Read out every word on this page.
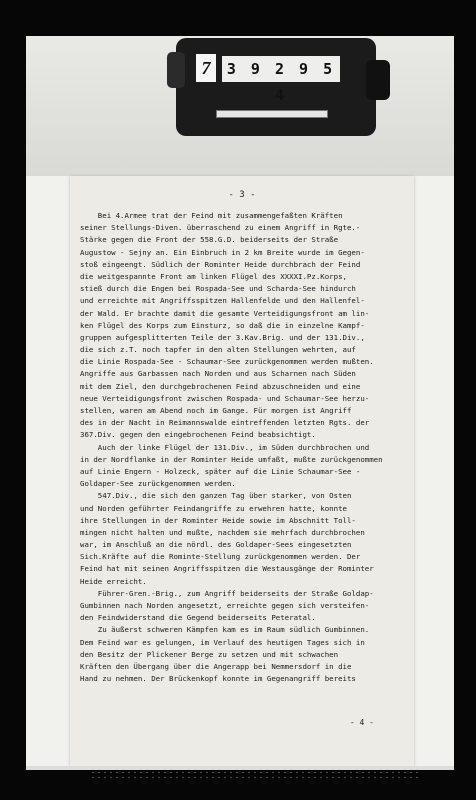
7	3 9 2 9 5 4
- 3 -
Bei 4.Armee trat der Feind mit zusammengefaßten Kräften
seiner Stellungs-Diven. überraschend zu einem Angriff in Rgte.-
Stärke gegen die Front der 558.G.D. beiderseits der Straße
Augustow - Sejny an. Ein Einbruch in 2 km Breite wurde im Gegen-
stoß eingeengt. Südlich der Rominter Heide durchbrach der Feind
die weitgespannte Front am linken Flügel des XXXXI.Pz.Korps,
stieß durch die Engen bei Rospada-See und Scharda-See hindurch
und erreichte mit Angriffsspitzen Hallenfelde und den Hallenfel-
der Wald. Er brachte damit die gesamte Verteidigungsfront am lin-
ken Flügel des Korps zum Einsturz, so daß die in einzelne Kampf-
gruppen aufgesplitterten Teile der 3.Kav.Brig. und der 131.Div.,
die sich z.T. noch tapfer in den alten Stellungen wehrten, auf
die Linie Rospada-See - Schaumar-See zurückgenommen werden mußten.
Angriffe aus Garbassen nach Norden und aus Scharnen nach Süden
mit dem Ziel, den durchgebrochenen Feind abzuschneiden und eine
neue Verteidigungsfront zwischen Rospada- und Schaumar-See herzu-
stellen, waren am Abend noch im Gange. Für morgen ist Angriff
des in der Nacht in Reimannswalde eintreffenden letzten Rgts. der
367.Div. gegen den eingebrochenen Feind beabsichtigt.
Auch der linke Flügel der 131.Div., im Süden durchbrochen und
in der Nordflanke in der Rominter Heide umfaßt, mußte zurückgenommen
auf Linie Engern - Holzeck, später auf die Linie Schaumar-See -
Goldaper-See zurückgenommen werden.
547.Div., die sich den ganzen Tag über starker, von Osten
und Norden geführter Feindangriffe zu erwehren hatte, konnte
ihre Stellungen in der Rominter Heide sowie im Abschnitt Toll-
mingen nicht halten und mußte, nachdem sie mehrfach durchbrochen
war, im Anschluß an die nördl. des Goldaper-Sees eingesetzten
Sich.Kräfte auf die Rominte-Stellung zurückgenommen werden. Der
Feind hat mit seinen Angriffsspitzen die Westausgänge der Rominter
Heide erreicht.
Führer-Gren.-Brig., zum Angriff beiderseits der Straße Goldap-
Gumbinnen nach Norden angesetzt, erreichte gegen sich versteifen-
den Feindwiderstand die Gegend beiderseits Peteratal.
Zu äußerst schweren Kämpfen kam es im Raum südlich Gumbinnen.
Dem Feind war es gelungen, im Verlauf des heutigen Tages sich in
den Besitz der Plickener Berge zu setzen und mit schwachen
Kräften den Übergang über die Angerapp bei Nemmersdorf in die
Hand zu nehmen. Der Brückenkopf konnte im Gegenangriff bereits
- 4 -
